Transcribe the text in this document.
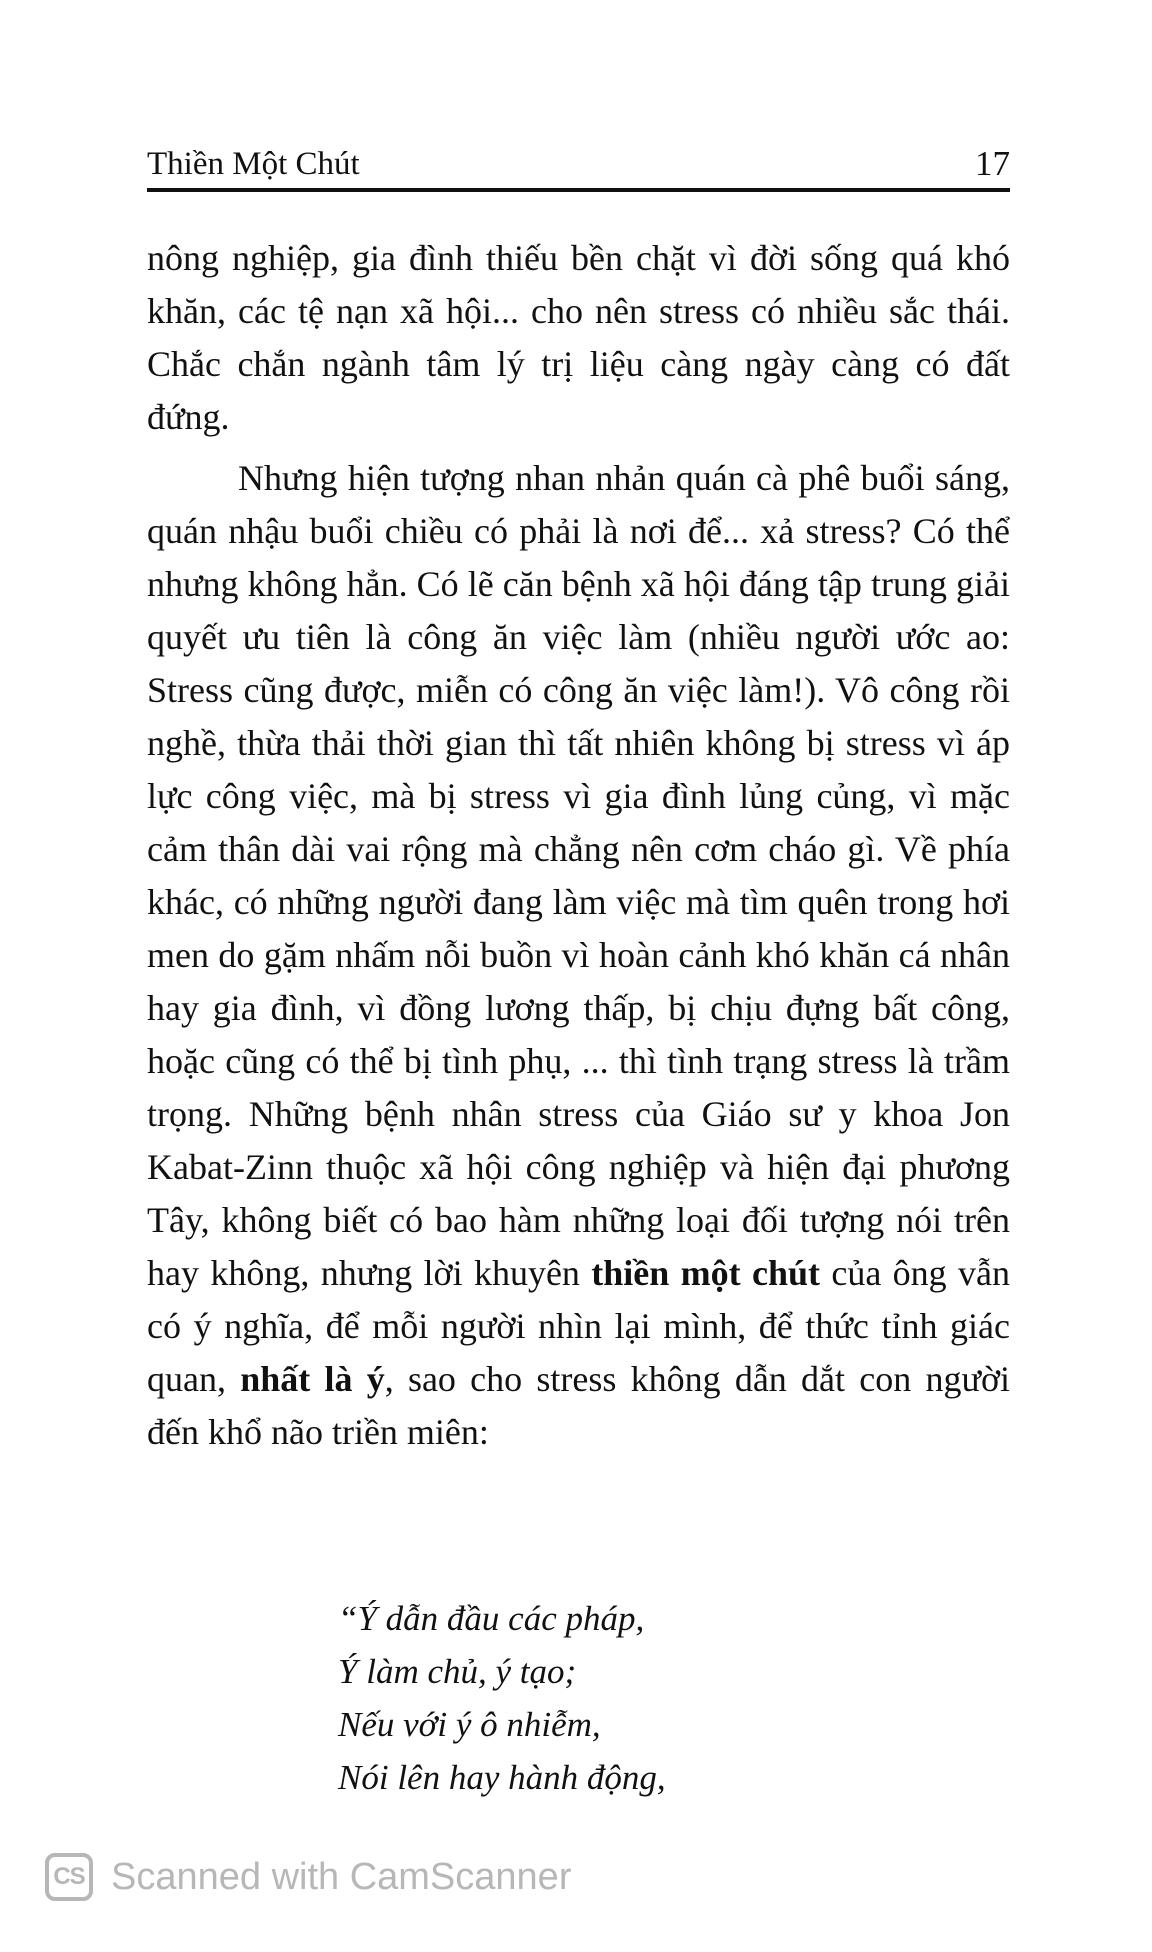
Thiền Một Chút	17

nông nghiệp, gia đình thiếu bền chặt vì đời sống quá khó khăn, các tệ nạn xã hội... cho nên stress có nhiều sắc thái. Chắc chắn ngành tâm lý trị liệu càng ngày càng có đất đứng.

Nhưng hiện tượng nhan nhản quán cà phê buổi sáng, quán nhậu buổi chiều có phải là nơi để... xả stress? Có thể nhưng không hẳn. Có lẽ căn bệnh xã hội đáng tập trung giải quyết ưu tiên là công ăn việc làm (nhiều người ước ao: Stress cũng được, miễn có công ăn việc làm!). Vô công rồi nghề, thừa thải thời gian thì tất nhiên không bị stress vì áp lực công việc, mà bị stress vì gia đình lủng củng, vì mặc cảm thân dài vai rộng mà chẳng nên cơm cháo gì. Về phía khác, có những người đang làm việc mà tìm quên trong hơi men do gặm nhấm nỗi buồn vì hoàn cảnh khó khăn cá nhân hay gia đình, vì đồng lương thấp, bị chịu đựng bất công, hoặc cũng có thể bị tình phụ, ... thì tình trạng stress là trầm trọng. Những bệnh nhân stress của Giáo sư y khoa Jon Kabat-Zinn thuộc xã hội công nghiệp và hiện đại phương Tây, không biết có bao hàm những loại đối tượng nói trên hay không, nhưng lời khuyên thiền một chút của ông vẫn có ý nghĩa, để mỗi người nhìn lại mình, để thức tỉnh giác quan, nhất là ý, sao cho stress không dẫn dắt con người đến khổ não triền miên:

“Ý dẫn đầu các pháp,
Ý làm chủ, ý tạo;
Nếu với ý ô nhiễm,
Nói lên hay hành động,
CS Scanned with CamScanner
